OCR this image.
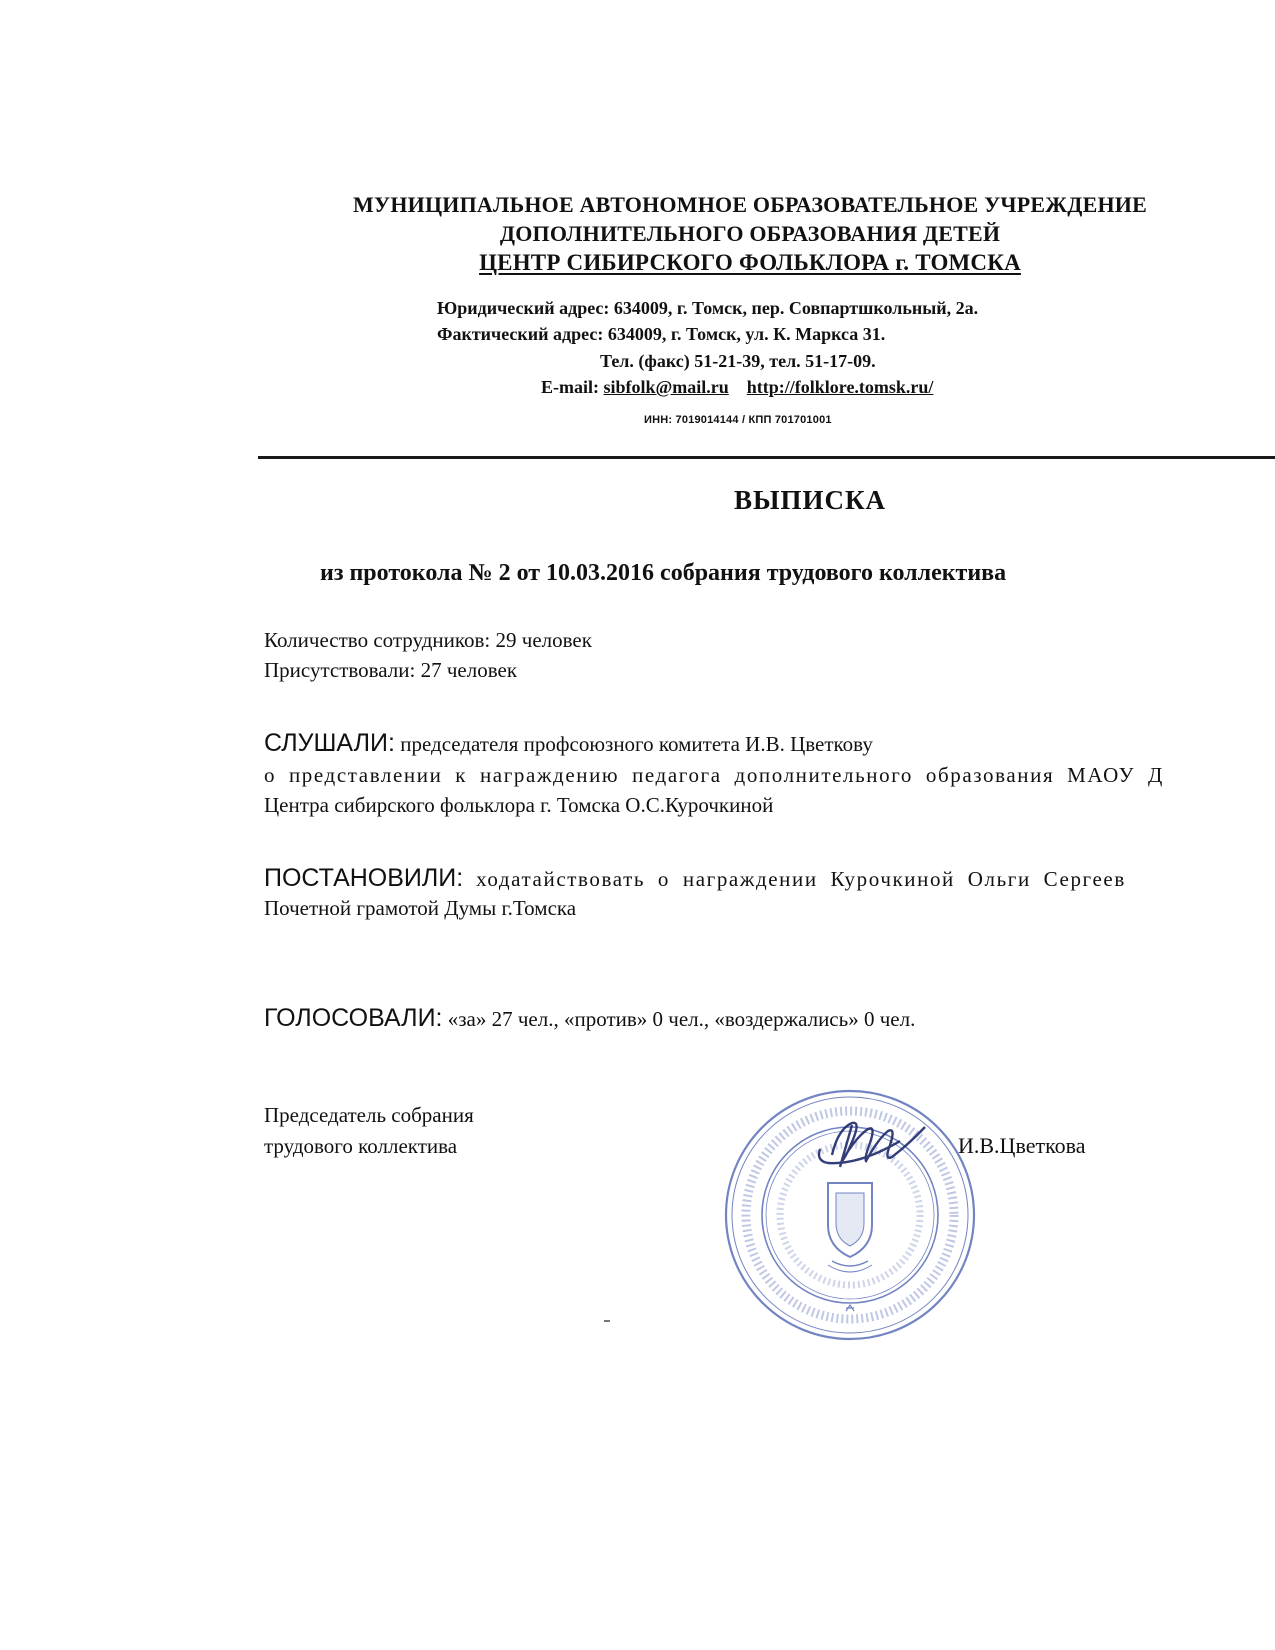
МУНИЦИПАЛЬНОЕ АВТОНОМНОЕ ОБРАЗОВАТЕЛЬНОЕ УЧРЕЖДЕНИЕ
ДОПОЛНИТЕЛЬНОГО ОБРАЗОВАНИЯ ДЕТЕЙ
ЦЕНТР СИБИРСКОГО ФОЛЬКЛОРА г. ТОМСКА
Юридический адрес: 634009, г. Томск, пер. Совпартшкольный, 2а.
Фактический адрес: 634009, г. Томск, ул. К. Маркса 31.
Тел. (факс) 51-21-39, тел. 51-17-09.
E-mail: sibfolk@mail.ru http://folklore.tomsk.ru/
ИНН: 7019014144 / КПП 701701001
ВЫПИСКА
из протокола № 2 от 10.03.2016 собрания трудового коллектива
Количество сотрудников: 29 человек
Присутствовали: 27 человек
СЛУШАЛИ: председателя профсоюзного комитета И.В. Цветкову
о представлении к награждению педагога дополнительного образования МАОУ Д
Центра сибирского фольклора г. Томска О.С.Курочкиной
ПОСТАНОВИЛИ: ходатайствовать о награждении Курочкиной Ольги Сергеев
Почетной грамотой Думы г.Томска
ГОЛОСОВАЛИ: «за» 27 чел., «против» 0 чел., «воздержались» 0 чел.
Председатель собрания
трудового коллектива	И.В.Цветкова
